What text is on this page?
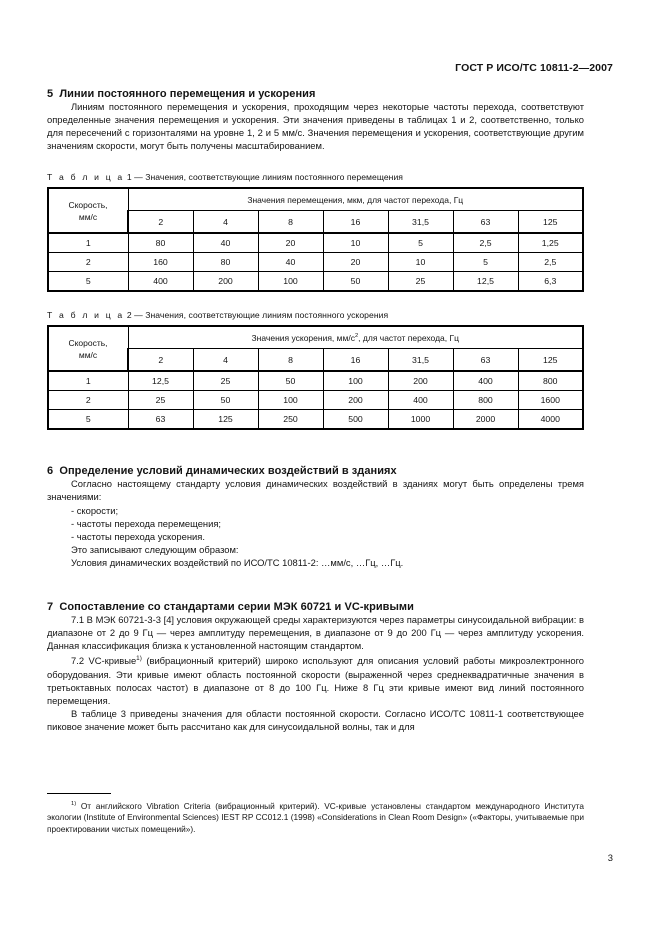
ГОСТ Р ИСО/ТС 10811-2—2007
5  Линии постоянного перемещения и ускорения

Линиям постоянного перемещения и ускорения, проходящим через некоторые частоты перехода, соответствуют определенные значения перемещения и ускорения. Эти значения приведены в таблицах 1 и 2, соответственно, только для пересечений с горизонталями на уровне 1, 2 и 5 мм/с. Значения перемещения и ускорения, соответствующие другим значениям скорости, могут быть получены масштабированием.

Т а б л и ц а 1 — Значения, соответствующие линиям постоянного перемещения

Скорость,
мм/с	Значения перемещения, мкм, для частот перехода, Гц						
	2	4	8	16	31,5	63	125
1	80	40	20	10	5	2,5	1,25
2	160	80	40	20	10	5	2,5
5	400	200	100	50	25	12,5	6,3

Т а б л и ц а 2 — Значения, соответствующие линиям постоянного ускорения

Скорость,
мм/с	Значения ускорения, $мм/с^2$, для частот перехода, Гц						
	2	4	8	16	31,5	63	125
1	12,5	25	50	100	200	400	800
2	25	50	100	200	400	800	1600
5	63	125	250	500	1000	2000	4000
6  Определение условий динамических воздействий в зданиях

Согласно настоящему стандарту условия динамических воздействий в зданиях могут быть определены тремя значениями:

- скорости;

- частоты перехода перемещения;

- частоты перехода ускорения.

Это записывают следующим образом:

Условия динамических воздействий по ИСО/ТС 10811-2: …мм/с, …Гц, …Гц.

7  Сопоставление со стандартами серии МЭК 60721 и VC-кривыми

7.1 В МЭК 60721-3-3 [4] условия окружающей среды характеризуются через параметры синусоидальной вибрации: в диапазоне от 2 до 9 Гц — через амплитуду перемещения, в диапазоне от 9 до 200 Гц — через амплитуду ускорения. Данная классификация близка к установленной настоящим стандартом.

7.2 VC-кривые$^{1)}$ (вибрационный критерий) широко используют для описания условий работы микроэлектронного оборудования. Эти кривые имеют область постоянной скорости (выраженной через среднеквадратичные значения в третьоктавных полосах частот) в диапазоне от 8 до 100 Гц. Ниже 8 Гц эти кривые имеют вид линий постоянного перемещения.

В таблице 3 приведены значения для области постоянной скорости. Согласно ИСО/ТС 10811-1 соответствующее пиковое значение может быть рассчитано как для синусоидальной волны, так и для

$^{1)}$ От английского Vibration Criteria (вибрационный критерий). VC-кривые установлены стандартом международного Института экологии (Institute of Environmental Sciences) IEST RP CC012.1 (1998) «Considerations in Clean Room Design» («Факторы, учитываемые при проектировании чистых помещений»).

3
